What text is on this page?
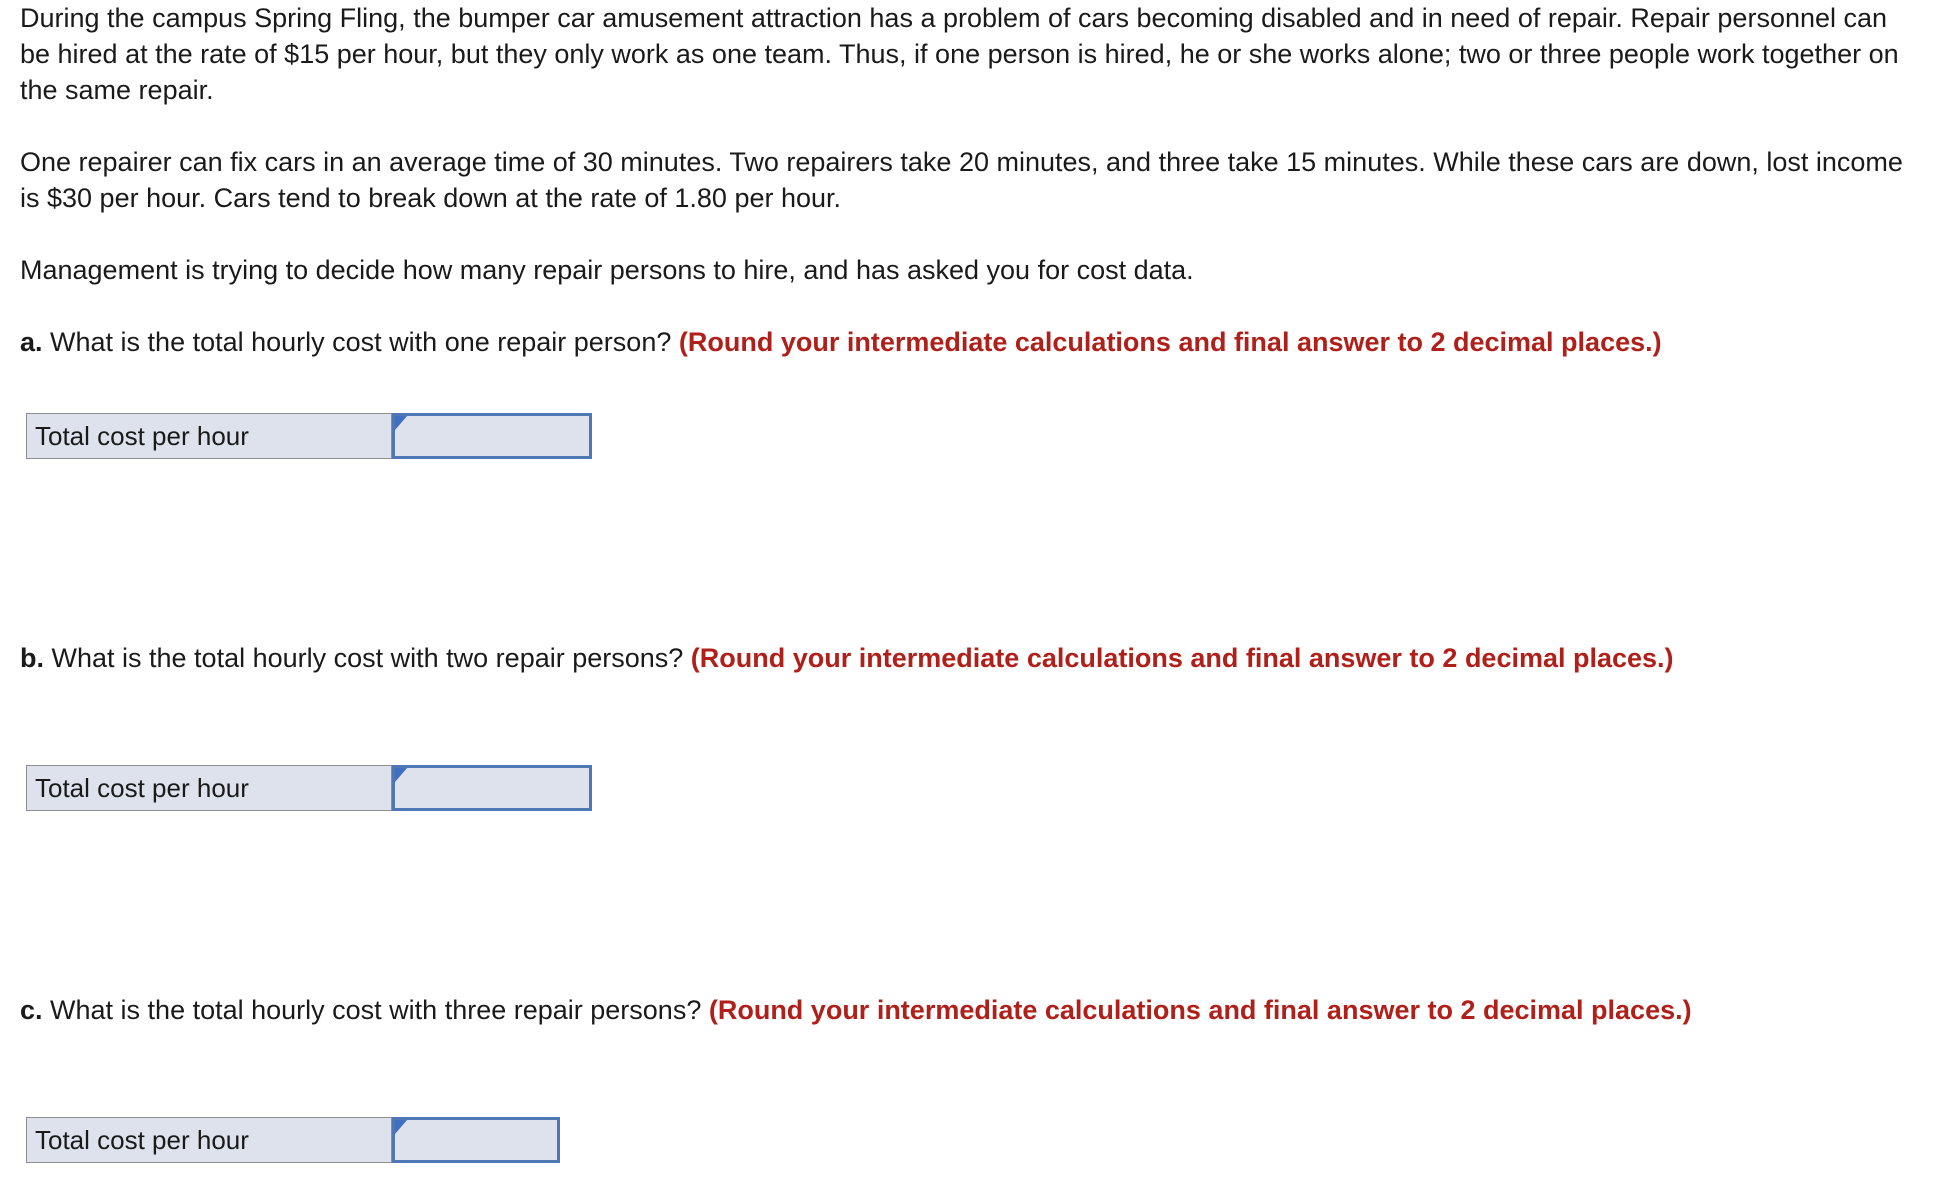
During the campus Spring Fling, the bumper car amusement attraction has a problem of cars becoming disabled and in need of repair. Repair personnel can be hired at the rate of $15 per hour, but they only work as one team. Thus, if one person is hired, he or she works alone; two or three people work together on the same repair.

One repairer can fix cars in an average time of 30 minutes. Two repairers take 20 minutes, and three take 15 minutes. While these cars are down, lost income is $30 per hour. Cars tend to break down at the rate of 1.80 per hour.

Management is trying to decide how many repair persons to hire, and has asked you for cost data.

a. What is the total hourly cost with one repair person? (Round your intermediate calculations and final answer to 2 decimal places.)

Total cost per hour

b. What is the total hourly cost with two repair persons? (Round your intermediate calculations and final answer to 2 decimal places.)

Total cost per hour

c. What is the total hourly cost with three repair persons? (Round your intermediate calculations and final answer to 2 decimal places.)

Total cost per hour
